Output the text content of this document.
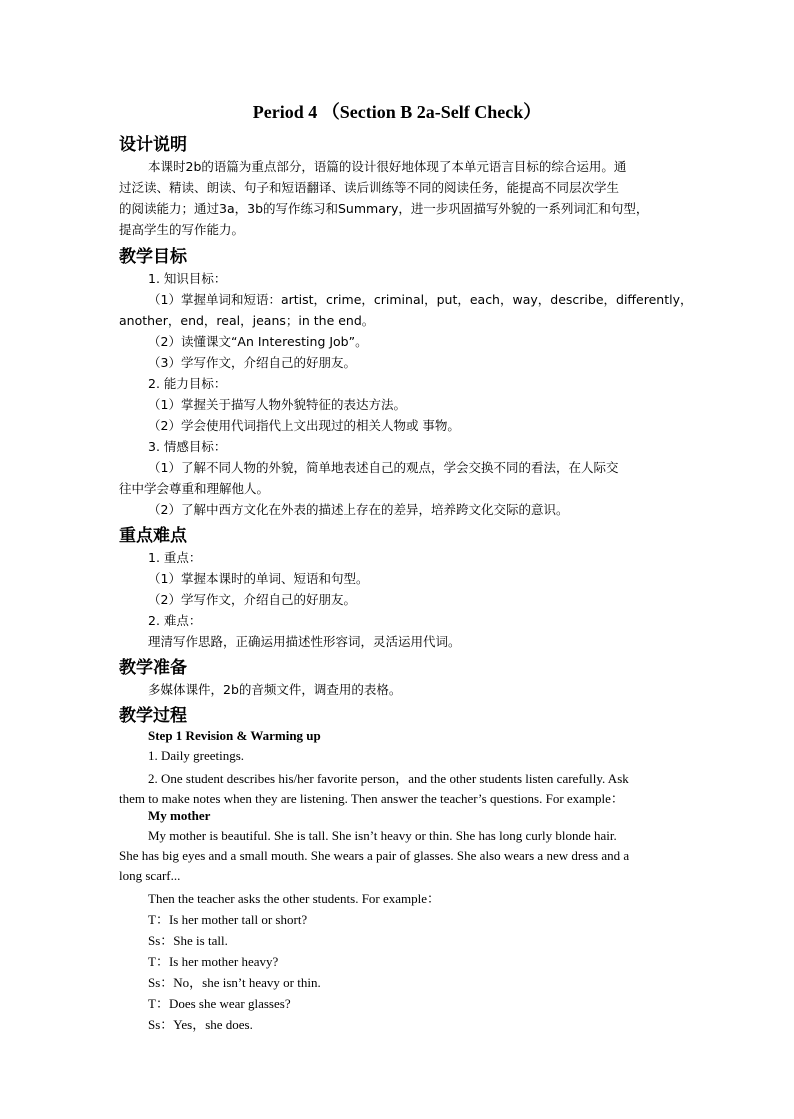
Period 4 （Section B 2a-Self Check）
设计说明
本课时2b的语篇为重点部分，语篇的设计很好地体现了本单元语言目标的综合运用。通
过泛读、精读、朗读、句子和短语翻译、读后训练等不同的阅读任务，能提高不同层次学生
的阅读能力；通过3a，3b的写作练习和Summary，进一步巩固描写外貌的一系列词汇和句型，
提高学生的写作能力。
教学目标
1. 知识目标：
（1）掌握单词和短语：artist，crime，criminal，put，each，way，describe，differently，
another，end，real，jeans；in the end。
（2）读懂课文“An Interesting Job”。
（3）学写作文，介绍自己的好朋友。
2. 能力目标：
（1）掌握关于描写人物外貌特征的表达方法。
（2）学会使用代词指代上文出现过的相关人物或 事物。
3. 情感目标：
（1）了解不同人物的外貌，简单地表述自己的观点，学会交换不同的看法，在人际交
往中学会尊重和理解他人。
（2）了解中西方文化在外表的描述上存在的差异，培养跨文化交际的意识。
重点难点
1. 重点：
（1）掌握本课时的单词、短语和句型。
（2）学写作文，介绍自己的好朋友。
2. 难点：
理清写作思路，正确运用描述性形容词，灵活运用代词。
教学准备
多媒体课件，2b的音频文件，调查用的表格。
教学过程
Step 1 Revision & Warming up
1. Daily greetings.
2. One student describes his/her favorite person，and the other students listen carefully. Ask
them to make notes when they are listening. Then answer the teacher’s questions. For example：
My mother
My mother is beautiful. She is tall. She isn’t heavy or thin. She has long curly blonde hair.
She has big eyes and a small mouth. She wears a pair of glasses. She also wears a new dress and a
long scarf...
Then the teacher asks the other students. For example：
T：Is her mother tall or short?
Ss：She is tall.
T：Is her mother heavy?
Ss：No，she isn’t heavy or thin.
T：Does she wear glasses?
Ss：Yes，she does.
